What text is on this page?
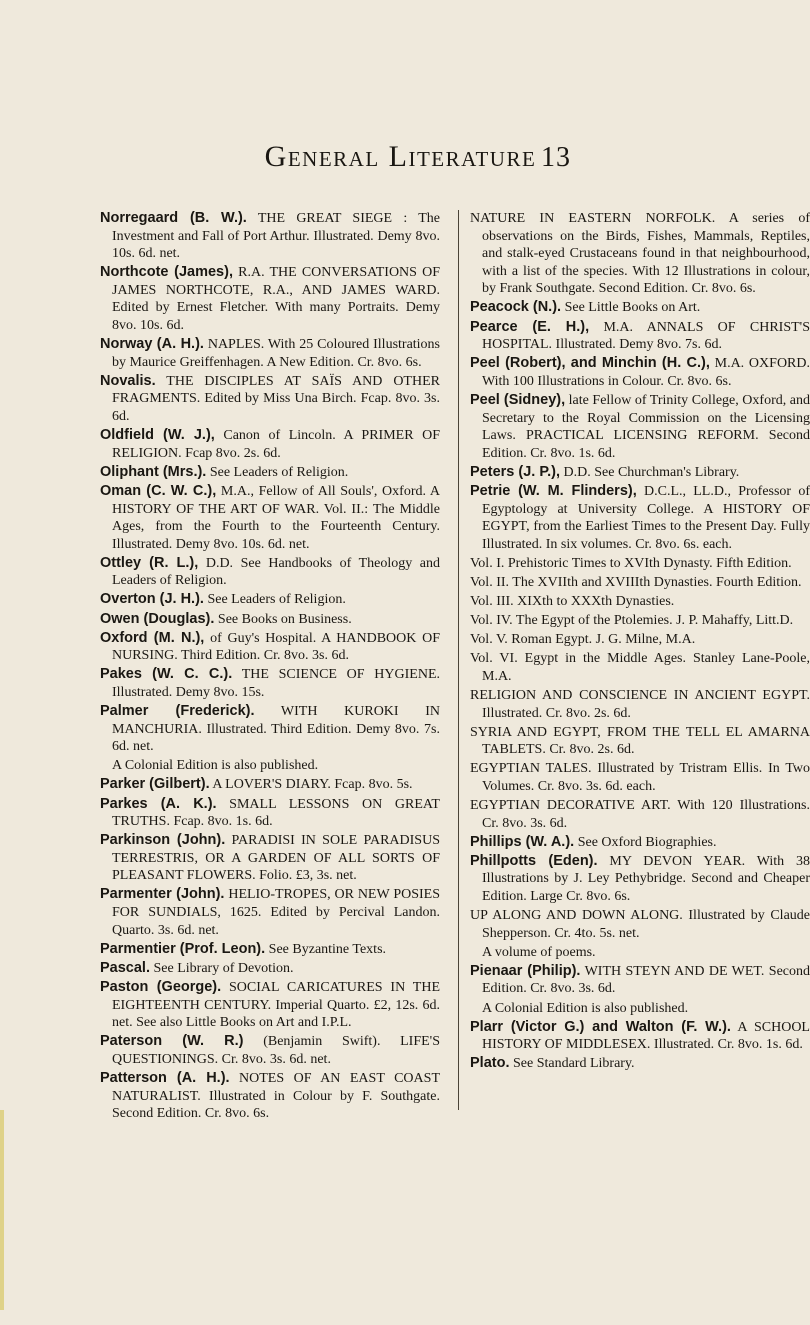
General Literature 13

Norregaard (B. W.). THE GREAT SIEGE : The Investment and Fall of Port Arthur. Illustrated. Demy 8vo. 10s. 6d. net.

Northcote (James), R.A. THE CONVERSATIONS OF JAMES NORTHCOTE, R.A., AND JAMES WARD. Edited by Ernest Fletcher. With many Portraits. Demy 8vo. 10s. 6d.

Norway (A. H.). NAPLES. With 25 Coloured Illustrations by Maurice Greiffenhagen. A New Edition. Cr. 8vo. 6s.

Novalis. THE DISCIPLES AT SAÏS AND OTHER FRAGMENTS. Edited by Miss Una Birch. Fcap. 8vo. 3s. 6d.

Oldfield (W. J.), Canon of Lincoln. A PRIMER OF RELIGION. Fcap 8vo. 2s. 6d.

Oliphant (Mrs.). See Leaders of Religion.

Oman (C. W. C.), M.A., Fellow of All Souls', Oxford. A HISTORY OF THE ART OF WAR. Vol. II.: The Middle Ages, from the Fourth to the Fourteenth Century. Illustrated. Demy 8vo. 10s. 6d. net.

Ottley (R. L.), D.D. See Handbooks of Theology and Leaders of Religion.

Overton (J. H.). See Leaders of Religion.

Owen (Douglas). See Books on Business.

Oxford (M. N.), of Guy's Hospital. A HANDBOOK OF NURSING. Third Edition. Cr. 8vo. 3s. 6d.

Pakes (W. C. C.). THE SCIENCE OF HYGIENE. Illustrated. Demy 8vo. 15s.

Palmer (Frederick). WITH KUROKI IN MANCHURIA. Illustrated. Third Edition. Demy 8vo. 7s. 6d. net.

A Colonial Edition is also published.

Parker (Gilbert). A LOVER'S DIARY. Fcap. 8vo. 5s.

Parkes (A. K.). SMALL LESSONS ON GREAT TRUTHS. Fcap. 8vo. 1s. 6d.

Parkinson (John). PARADISI IN SOLE PARADISUS TERRESTRIS, OR A GARDEN OF ALL SORTS OF PLEASANT FLOWERS. Folio. £3, 3s. net.

Parmenter (John). HELIO-TROPES, OR NEW POSIES FOR SUNDIALS, 1625. Edited by Percival Landon. Quarto. 3s. 6d. net.

Parmentier (Prof. Leon). See Byzantine Texts.

Pascal. See Library of Devotion.

Paston (George). SOCIAL CARICATURES IN THE EIGHTEENTH CENTURY. Imperial Quarto. £2, 12s. 6d. net. See also Little Books on Art and I.P.L.

Paterson (W. R.) (Benjamin Swift). LIFE'S QUESTIONINGS. Cr. 8vo. 3s. 6d. net.

Patterson (A. H.). NOTES OF AN EAST COAST NATURALIST. Illustrated in Colour by F. Southgate. Second Edition. Cr. 8vo. 6s.

NATURE IN EASTERN NORFOLK. A series of observations on the Birds, Fishes, Mammals, Reptiles, and stalk-eyed Crustaceans found in that neighbourhood, with a list of the species. With 12 Illustrations in colour, by Frank Southgate. Second Edition. Cr. 8vo. 6s.

Peacock (N.). See Little Books on Art.

Pearce (E. H.), M.A. ANNALS OF CHRIST'S HOSPITAL. Illustrated. Demy 8vo. 7s. 6d.

Peel (Robert), and Minchin (H. C.), M.A. OXFORD. With 100 Illustrations in Colour. Cr. 8vo. 6s.

Peel (Sidney), late Fellow of Trinity College, Oxford, and Secretary to the Royal Commission on the Licensing Laws. PRACTICAL LICENSING REFORM. Second Edition. Cr. 8vo. 1s. 6d.

Peters (J. P.), D.D. See Churchman's Library.

Petrie (W. M. Flinders), D.C.L., LL.D., Professor of Egyptology at University College. A HISTORY OF EGYPT, from the Earliest Times to the Present Day. Fully Illustrated. In six volumes. Cr. 8vo. 6s. each.

Vol. I. Prehistoric Times to XVIth Dynasty. Fifth Edition.

Vol. II. The XVIIth and XVIIIth Dynasties. Fourth Edition.

Vol. III. XIXth to XXXth Dynasties.

Vol. IV. The Egypt of the Ptolemies. J. P. Mahaffy, Litt.D.

Vol. V. Roman Egypt. J. G. Milne, M.A.

Vol. VI. Egypt in the Middle Ages. Stanley Lane-Poole, M.A.

RELIGION AND CONSCIENCE IN ANCIENT EGYPT. Illustrated. Cr. 8vo. 2s. 6d.

SYRIA AND EGYPT, FROM THE TELL EL AMARNA TABLETS. Cr. 8vo. 2s. 6d.

EGYPTIAN TALES. Illustrated by Tristram Ellis. In Two Volumes. Cr. 8vo. 3s. 6d. each.

EGYPTIAN DECORATIVE ART. With 120 Illustrations. Cr. 8vo. 3s. 6d.

Phillips (W. A.). See Oxford Biographies.

Phillpotts (Eden). MY DEVON YEAR. With 38 Illustrations by J. Ley Pethybridge. Second and Cheaper Edition. Large Cr. 8vo. 6s.

UP ALONG AND DOWN ALONG. Illustrated by Claude Shepperson. Cr. 4to. 5s. net.

A volume of poems.

Pienaar (Philip). WITH STEYN AND DE WET. Second Edition. Cr. 8vo. 3s. 6d.

A Colonial Edition is also published.

Plarr (Victor G.) and Walton (F. W.). A SCHOOL HISTORY OF MIDDLESEX. Illustrated. Cr. 8vo. 1s. 6d.

Plato. See Standard Library.
